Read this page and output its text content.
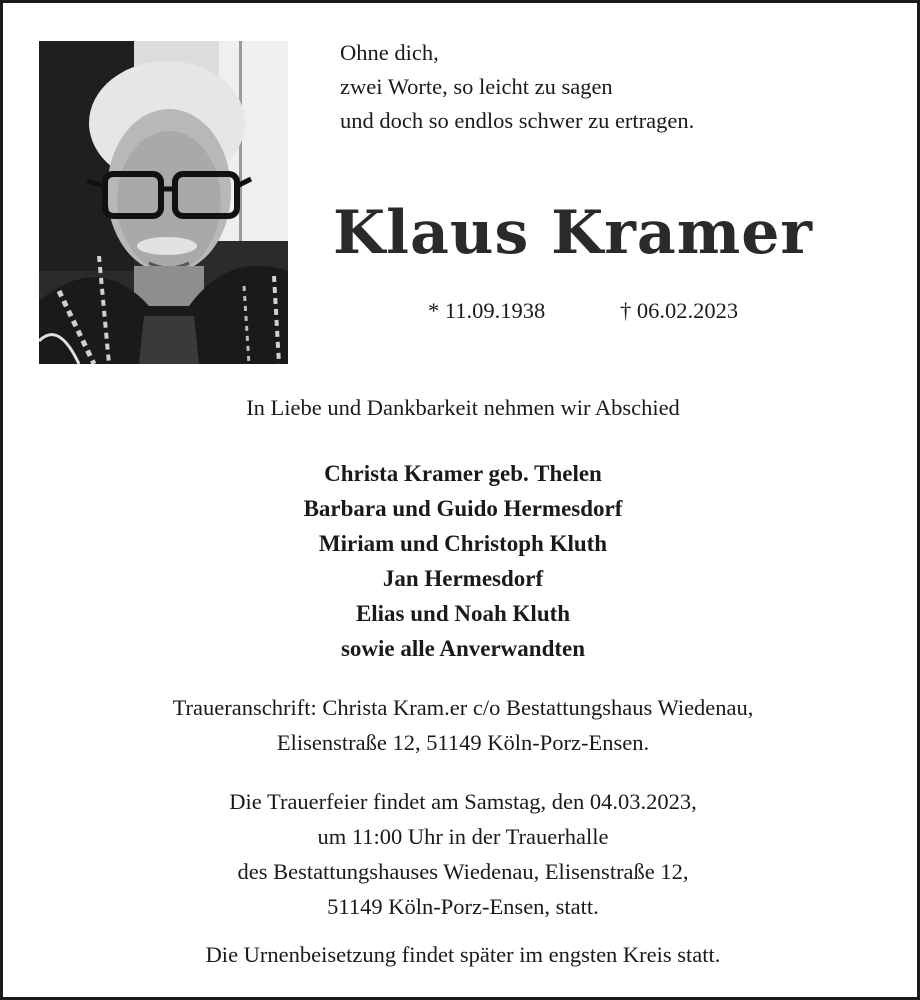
Ohne dich,
zwei Worte, so leicht zu sagen
und doch so endlos schwer zu ertragen.
Klaus Kramer
* 11.09.1938	† 06.02.2023
In Liebe und Dankbarkeit nehmen wir Abschied
Christa Kramer geb. Thelen
Barbara und Guido Hermesdorf
Miriam und Christoph Kluth
Jan Hermesdorf
Elias und Noah Kluth
sowie alle Anverwandten
Traueranschrift: Christa Kram.er c/o Bestattungshaus Wiedenau,
Elisenstraße 12, 51149 Köln-Porz-Ensen.
Die Trauerfeier findet am Samstag, den 04.03.2023,
um 11:00 Uhr in der Trauerhalle
des Bestattungshauses Wiedenau, Elisenstraße 12,
51149 Köln-Porz-Ensen, statt.
Die Urnenbeisetzung findet später im engsten Kreis statt.
